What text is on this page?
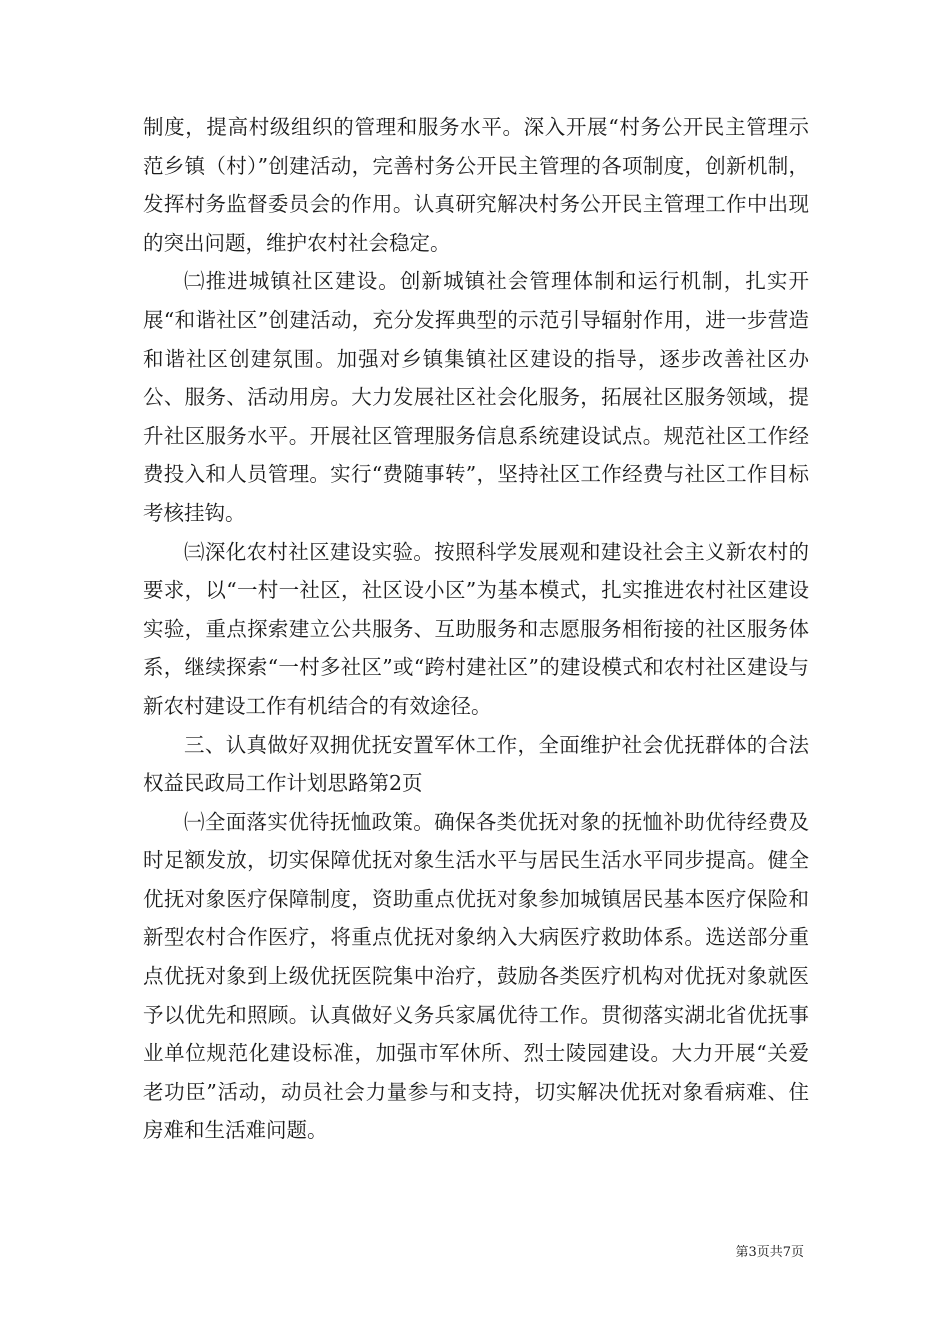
制度，提高村级组织的管理和服务水平。深入开展“村务公开民主管理示范乡镇（村）”创建活动，完善村务公开民主管理的各项制度，创新机制，发挥村务监督委员会的作用。认真研究解决村务公开民主管理工作中出现的突出问题，维护农村社会稳定。

㈡推进城镇社区建设。创新城镇社会管理体制和运行机制，扎实开展“和谐社区”创建活动，充分发挥典型的示范引导辐射作用，进一步营造和谐社区创建氛围。加强对乡镇集镇社区建设的指导，逐步改善社区办公、服务、活动用房。大力发展社区社会化服务，拓展社区服务领域，提升社区服务水平。开展社区管理服务信息系统建设试点。规范社区工作经费投入和人员管理。实行“费随事转”，坚持社区工作经费与社区工作目标考核挂钩。

㈢深化农村社区建设实验。按照科学发展观和建设社会主义新农村的要求，以“一村一社区，社区设小区”为基本模式，扎实推进农村社区建设实验，重点探索建立公共服务、互助服务和志愿服务相衔接的社区服务体系，继续探索“一村多社区”或“跨村建社区”的建设模式和农村社区建设与新农村建设工作有机结合的有效途径。

三、认真做好双拥优抚安置军休工作，全面维护社会优抚群体的合法权益民政局工作计划思路第2页

㈠全面落实优待抚恤政策。确保各类优抚对象的抚恤补助优待经费及时足额发放，切实保障优抚对象生活水平与居民生活水平同步提高。健全优抚对象医疗保障制度，资助重点优抚对象参加城镇居民基本医疗保险和新型农村合作医疗，将重点优抚对象纳入大病医疗救助体系。选送部分重点优抚对象到上级优抚医院集中治疗，鼓励各类医疗机构对优抚对象就医予以优先和照顾。认真做好义务兵家属优待工作。贯彻落实湖北省优抚事业单位规范化建设标准，加强市军休所、烈士陵园建设。大力开展“关爱老功臣”活动，动员社会力量参与和支持，切实解决优抚对象看病难、住房难和生活难问题。

第3页共7页
